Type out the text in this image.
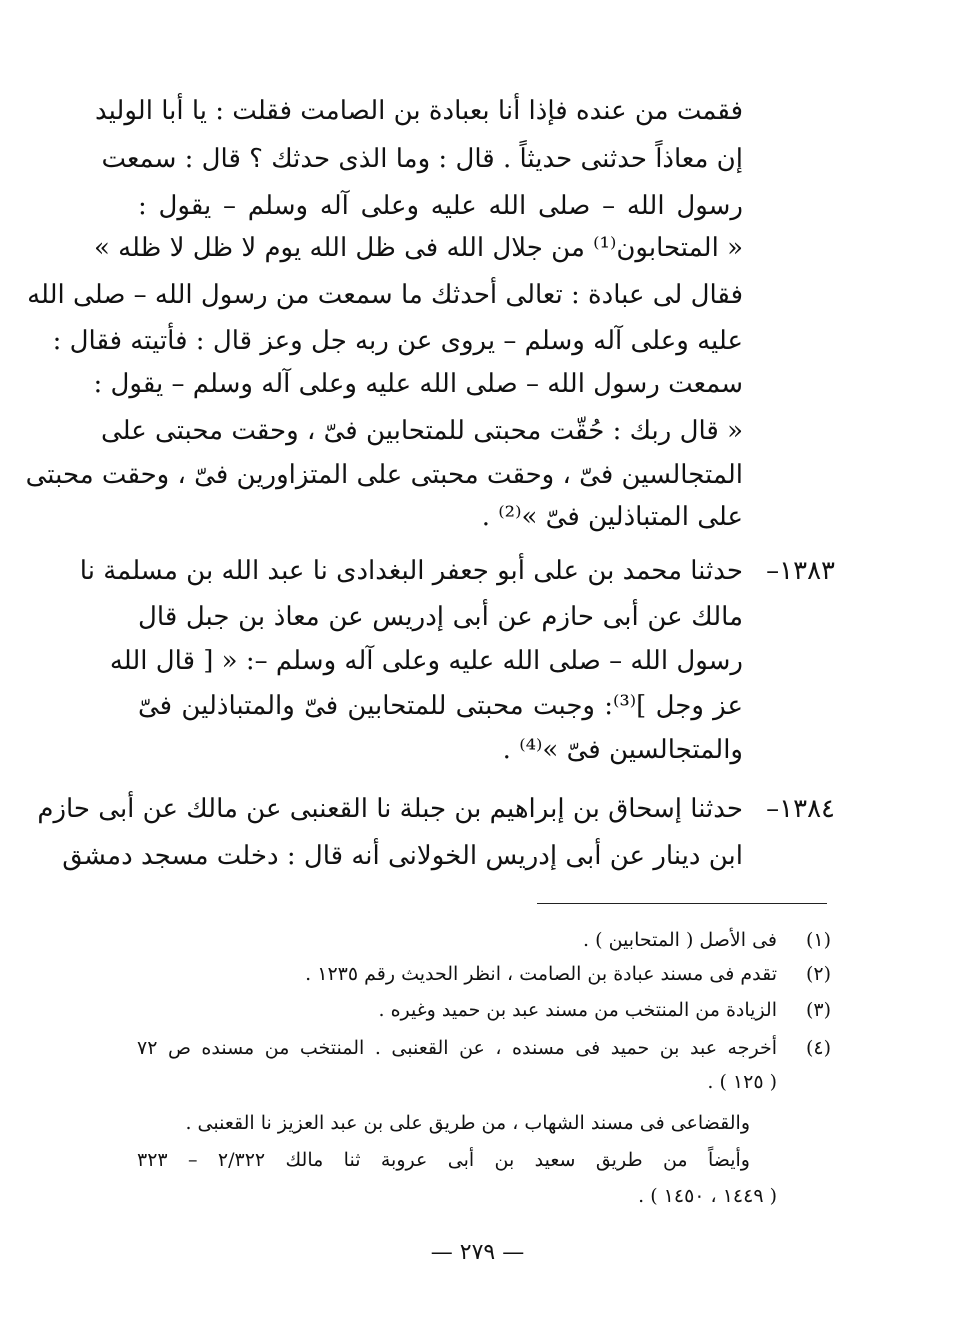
فقمت من عنده فإذا أنا بعبادة بن الصامت فقلت : يا أبا الوليد
إن معاذاً حدثنى حديثاً . قال : وما الذى حدثك ؟ قال : سمعت
رسول الله – صلى الله عليه وعلى آله وسلم – يقول :
« المتحابون⁽¹⁾ من جلال الله فى ظل الله يوم لا ظل لا ظله »
فقال لى عبادة : تعالى أحدثك ما سمعت من رسول الله – صلى الله
عليه وعلى آله وسلم – يروى عن ربه جل وعز قال : فأتيته فقال :
سمعت رسول الله – صلى الله عليه وعلى آله وسلم – يقول :
« قال ربك : حُقّت محبتى للمتحابين فىّ ، وحقت محبتى على
المتجالسين فىّ ، وحقت محبتى على المتزاورين فىّ ، وحقت محبتى
على المتباذلين فىّ »⁽²⁾ .
١٣٨٣–
حدثنا محمد بن على أبو جعفر البغدادى نا عبد الله بن مسلمة نا
مالك عن أبى حازم عن أبى إدريس عن معاذ بن جبل قال
رسول الله – صلى الله عليه وعلى آله وسلم –: « [ قال الله
عز وجل ]⁽³⁾: وجبت محبتى للمتحابين فىّ والمتباذلين فىّ
والمتجالسين فىّ »⁽⁴⁾ .
١٣٨٤–
حدثنا إسحاق بن إبراهيم بن جبلة نا القعنبى عن مالك عن أبى حازم
ابن دينار عن أبى إدريس الخولانى أنه قال : دخلت مسجد دمشق
(١)
فى الأصل ( المتحابين ) .
(٢)
تقدم فى مسند عبادة بن الصامت ، انظر الحديث رقم ١٢٣٥ .
(٣)
الزيادة من المنتخب من مسند عبد بن حميد وغيره .
(٤)
أخرجه عبد بن حميد فى مسنده ، عن القعنبى . المنتخب من مسنده ص ٧٢
( ١٢٥ ) .
والقضاعى فى مسند الشهاب ، من طريق على بن عبد العزيز نا القعنبى .
وأيضاً من طريق سعيد بن أبى عروبة ثنا مالك ٢/٣٢٢ – ٣٢٣
( ١٤٤٩ ، ١٤٥٠ ) .
— ٢٧٩ —
